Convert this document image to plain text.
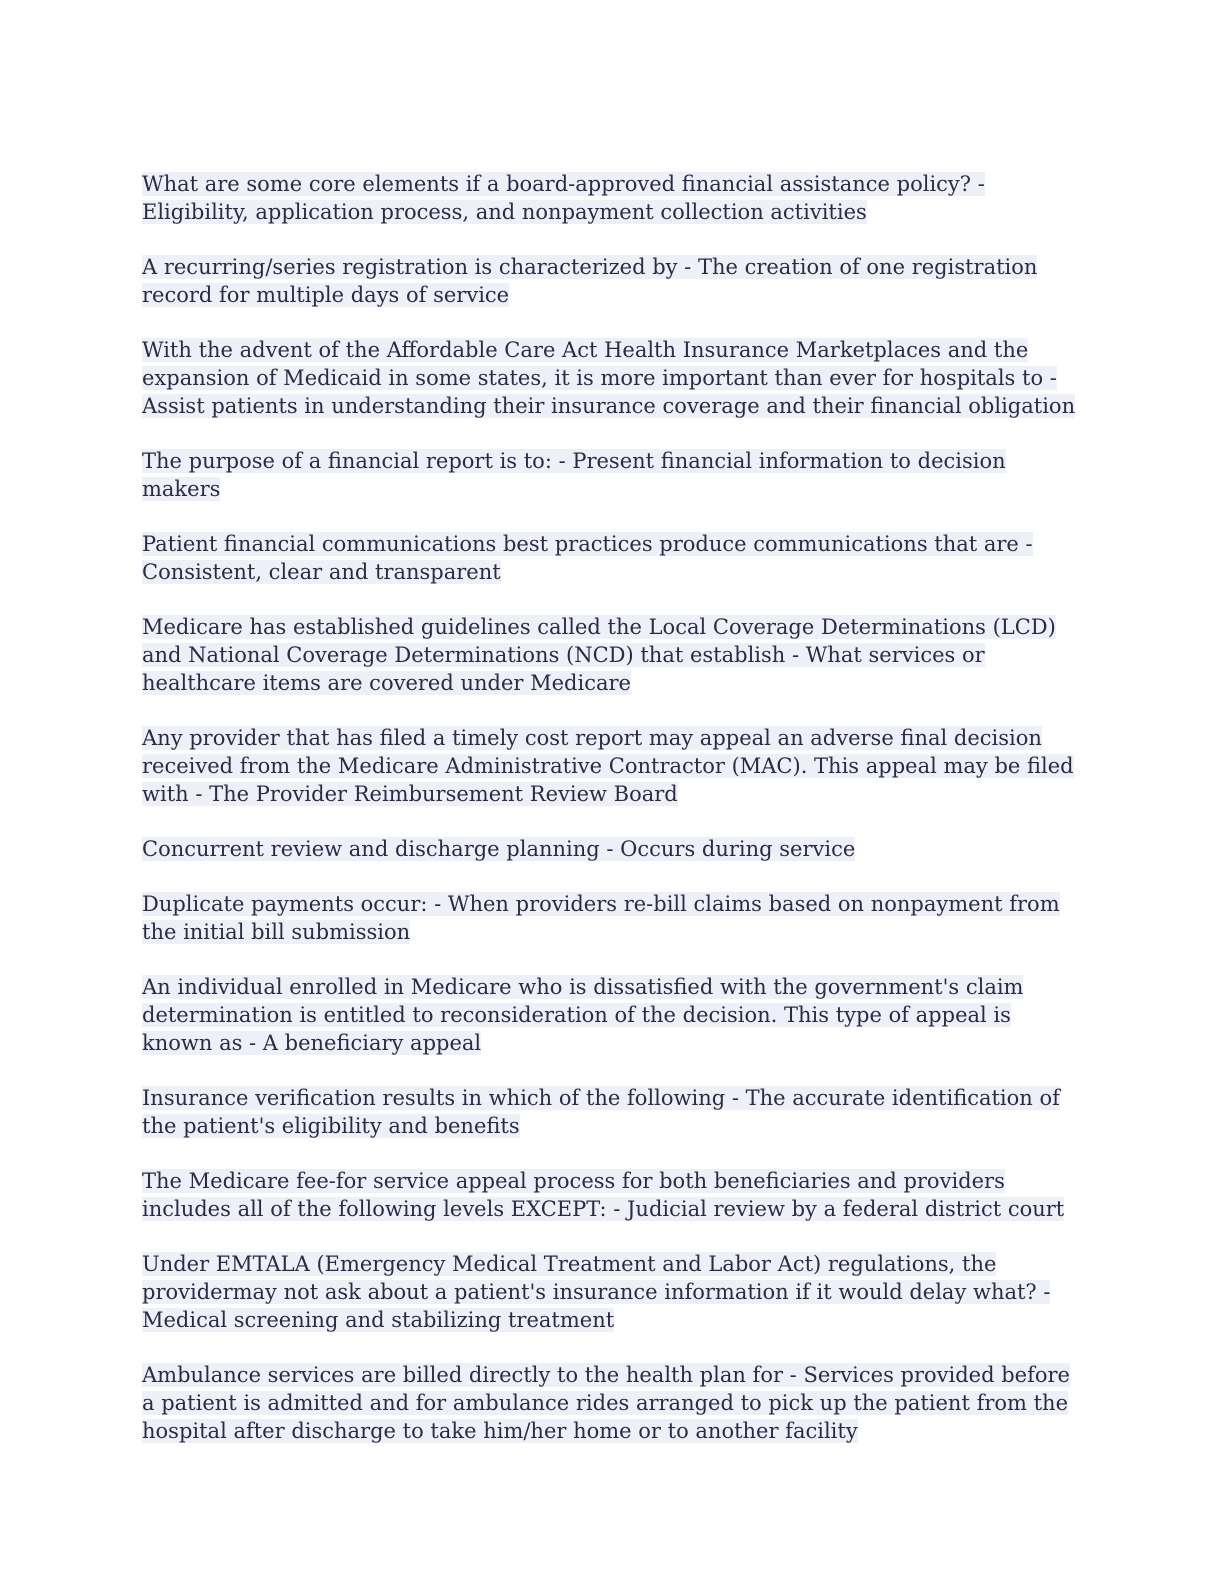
What are some core elements if a board-approved financial assistance policy? - Eligibility, application process, and nonpayment collection activities

A recurring/series registration is characterized by - The creation of one registration record for multiple days of service

With the advent of the Affordable Care Act Health Insurance Marketplaces and the expansion of Medicaid in some states, it is more important than ever for hospitals to - Assist patients in understanding their insurance coverage and their financial obligation

The purpose of a financial report is to: - Present financial information to decision makers

Patient financial communications best practices produce communications that are - Consistent, clear and transparent

Medicare has established guidelines called the Local Coverage Determinations (LCD) and National Coverage Determinations (NCD) that establish - What services or healthcare items are covered under Medicare

Any provider that has filed a timely cost report may appeal an adverse final decision received from the Medicare Administrative Contractor (MAC). This appeal may be filed with - The Provider Reimbursement Review Board

Concurrent review and discharge planning - Occurs during service

Duplicate payments occur: - When providers re-bill claims based on nonpayment from the initial bill submission

An individual enrolled in Medicare who is dissatisfied with the government's claim determination is entitled to reconsideration of the decision. This type of appeal is known as - A beneficiary appeal

Insurance verification results in which of the following - The accurate identification of the patient's eligibility and benefits

The Medicare fee-for service appeal process for both beneficiaries and providers includes all of the following levels EXCEPT: - Judicial review by a federal district court

Under EMTALA (Emergency Medical Treatment and Labor Act) regulations, the providermay not ask about a patient's insurance information if it would delay what? - Medical screening and stabilizing treatment

Ambulance services are billed directly to the health plan for - Services provided before a patient is admitted and for ambulance rides arranged to pick up the patient from the hospital after discharge to take him/her home or to another facility
